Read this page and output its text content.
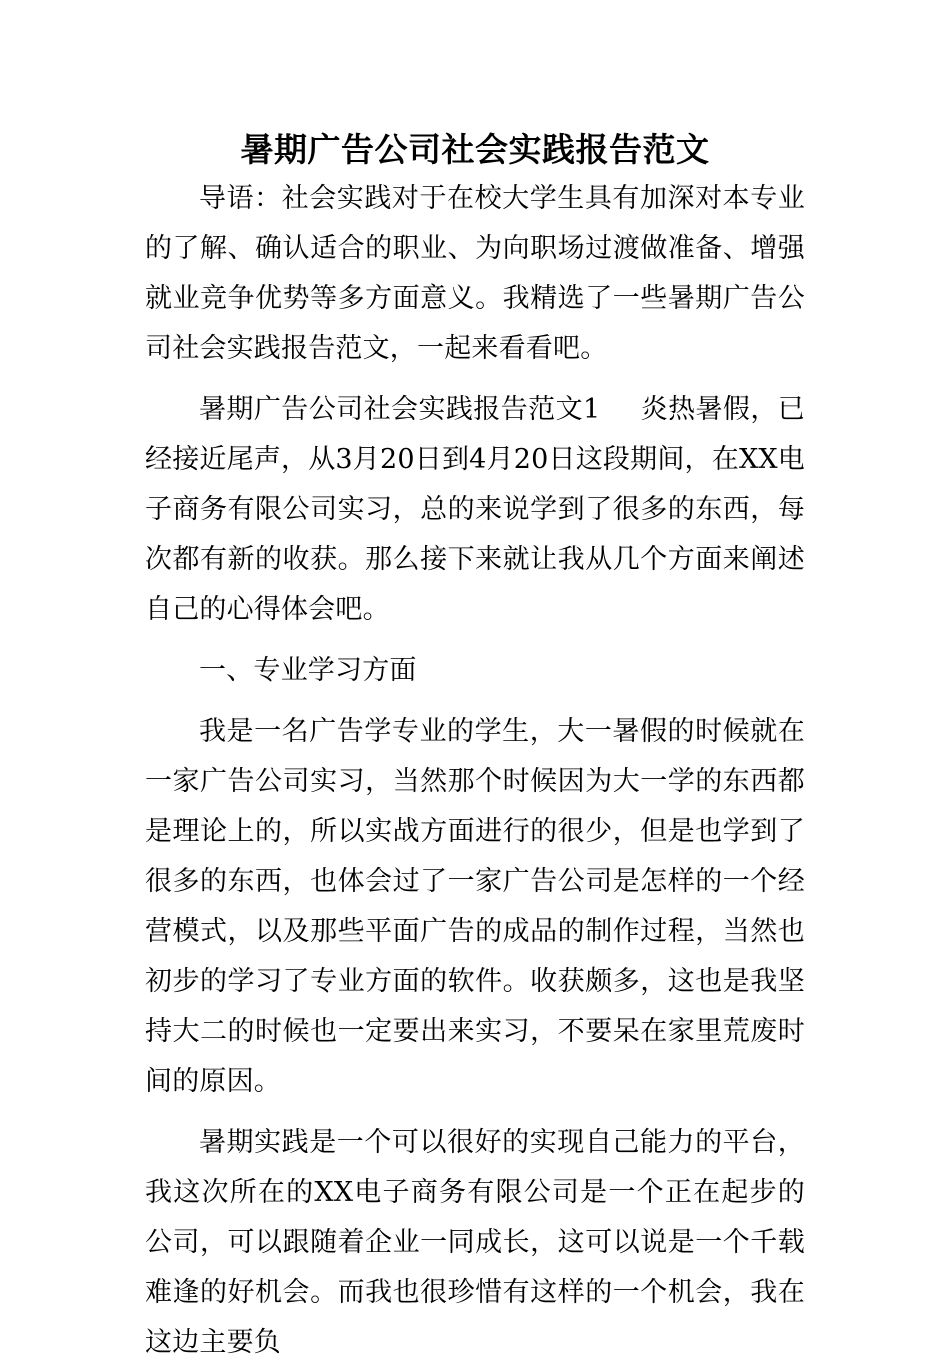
暑期广告公司社会实践报告范文

导语：社会实践对于在校大学生具有加深对本专业的了解、确认适合的职业、为向职场过渡做准备、增强就业竞争优势等多方面意义。我精选了一些暑期广告公司社会实践报告范文，一起来看看吧。

暑期广告公司社会实践报告范文1 炎热暑假，已经接近尾声，从3月20日到4月20日这段期间，在XX电子商务有限公司实习，总的来说学到了很多的东西，每次都有新的收获。那么接下来就让我从几个方面来阐述自己的心得体会吧。

一、专业学习方面

我是一名广告学专业的学生，大一暑假的时候就在一家广告公司实习，当然那个时候因为大一学的东西都是理论上的，所以实战方面进行的很少，但是也学到了很多的东西，也体会过了一家广告公司是怎样的一个经营模式，以及那些平面广告的成品的制作过程，当然也初步的学习了专业方面的软件。收获颇多，这也是我坚持大二的时候也一定要出来实习，不要呆在家里荒废时间的原因。

暑期实践是一个可以很好的实现自己能力的平台，我这次所在的XX电子商务有限公司是一个正在起步的公司，可以跟随着企业一同成长，这可以说是一个千载难逢的好机会。而我也很珍惜有这样的一个机会，我在这边主要负
